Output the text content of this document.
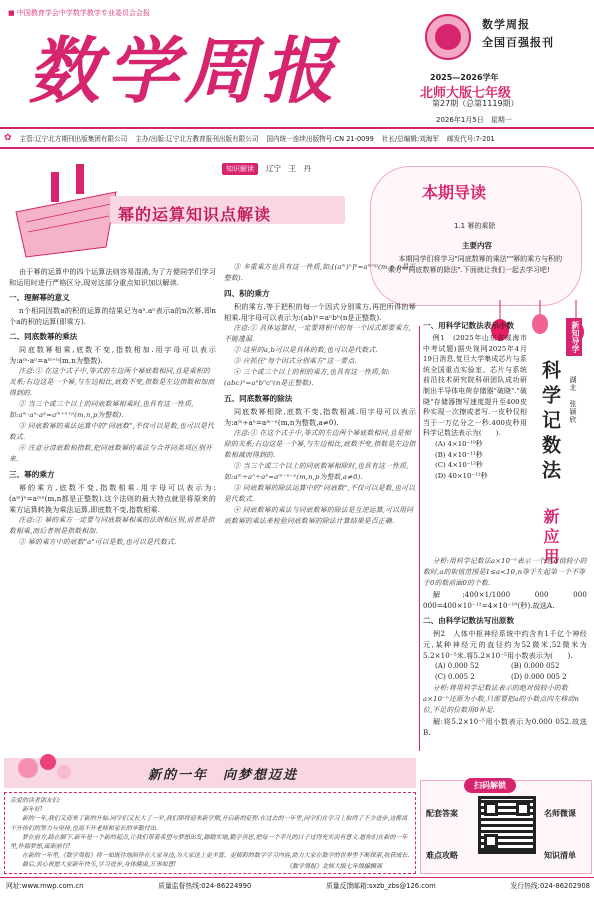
■ 中国教育学会中学数学教学专业委员会会报
数学周报
数学周报
全国百强报刊
2025—2026学年
北师大版七年级
第27期（总第1119期）
2026年1月5日　星期一
✿ 主管:辽宁北方期刊出版集团有限公司 主办/出版:辽宁北方教育报刊出版有限公司 国内统一连续出版物号:CN 21-0099 社长/总编辑:刘海军 邮发代号:7-201
知识解读	辽宁　王　丹
幂的运算知识点解读
本期导读
1.1 幂的乘除
主要内容
本期同学们将学习"同底数幂的乘法""幂的乘方与积的乘方""同底数幂的除法".下面就让我们一起去学习吧!

由于幂的运算中的四个运算法则容易混淆,为了方便同学们学习和运用时进行严格区分,现对这部分重点知识加以解读.

一、理解幂的意义

n个相同因数a的积的运算的结果记为aⁿ.aⁿ表示a的n次幂,即n个a的积的运算(即乘方).

二、同底数幂的乘法

同底数幂相乘,底数不变,指数相加.用字母可以表示为:aᵐ·aⁿ=aᵐ⁺ⁿ(m,n为整数).

注意:① 在这个式子中,等式的左边两个幂底数相同,且是乘积的关系;右边这是一个幂,与左边相比,底数不变,指数是左边指数和加而得到的.

② 当三个或三个以上的同底数幂相乘时,也具有这一性质,如:aᵐ·aⁿ·aᵖ=aᵐ⁺ⁿ⁺ᵖ(m,n,p为整数).

③ 同底数幂的乘法运算中的"同底数",不仅可以是数,也可以是代数式.

④ 注意分清底数和指数,把同底数幂的乘法与合并同类项区别开来.

三、幂的乘方

幂的乘方,底数不变,指数相乘.用字母可以表示为:(aᵐ)ⁿ=aᵐⁿ(m,n都是正整数).这个法则的最大特点就是将原来的乘方运算转换为乘法运算,即底数不变,指数相乘.

注意:① 幂的乘方一定要与同底数幂相乘的法则相区别,前者是指数相乘,而后者则是指数相加.

② 幂的乘方中的底数"a"可以是数,也可以是代数式.

③ 多重乘方也具有这一性质,如:[(aᵐ)ⁿ]ᵖ=aᵐⁿᵖ(m,n,p是正整数).

四、积的乘方

积的乘方,等于把积的每一个因式分别乘方,再把所得的幂相乘.用字母可以表示为:(ab)ⁿ=aⁿbⁿ(n是正整数).

注意:① 具体运算时,一定要将积中的每一个因式都要乘方,不能遗漏.

② 这里的a,b可以是具体的数,也可以是代数式.

③ 应抓住"每个因式分别乘方"这一要点.

④ 三个或三个以上的积的乘方,也具有这一性质,如:(abc)ⁿ=aⁿbⁿcⁿ(n是正整数).

五、同底数幂的除法

同底数幂相除,底数不变,指数相减.用字母可以表示为:aᵐ÷aⁿ=aᵐ⁻ⁿ(m,n为整数,a≠0).

注意:① 在这个式子中,等式的左边两个幂底数相同,且是相除的关系;右边这是一个幂,与左边相比,底数不变,指数是左边指数相减而得到的.

② 当三个或三个以上的同底数幂相除时,也具有这一性质,如:aᵐ÷aⁿ÷aᵖ=aᵐ⁻ⁿ⁻ᵖ(m,n,p为整数,a≠0).

③ 同底数幂的除法运算中的"同底数",不仅可以是数,也可以是代数式.

④ 同底数幂的乘法与同底数幂的除法是互逆运算,可以用同底数幂的乘法来检验同底数幂的除法计算结果是否正确.

新知导学
湖北　张颖欣
科学记数法
新应用
一、用科学记数法表示小数

例1　(2025年山东省威海市中考试题)据央视网2025年4月19日消息,复旦大学集成芯片与系统全国重点实验室、芯片与系统前沿技术研究院科研团队成功研制出半导体电荷存储器"破晓"."破晓"存储器擦写速度提升至400皮秒实现一次擦或者写.一皮秒仅相当于一万亿分之一秒.400皮秒用科学记数法表示为(　　).

(A) 4×10⁻¹⁰秒
(B) 4×10⁻¹¹秒
(C) 4×10⁻¹²秒
(D) 40×10⁻¹¹秒

分析:用科学记数法a×10⁻ⁿ表示一个绝对值较小的数时,a的取值范围是1≤a<10,n等于左起第一个不等于0的数前面0的个数.

解:400×1/1000 000 000 000=400×10⁻¹²=4×10⁻¹⁰(秒).故选A.

二、由科学记数法写出原数

例2　人体中枢神经系统中约含有1千亿个神经元,某种神经元的直径约为52微米,52微米为5.2×10⁻⁵米.将5.2×10⁻⁵用小数表示为(　　).

(A) 0.000 52	(B) 0.000 052
(C) 0.005 2	(D) 0.000 005 2

分析:将用科学记数法表示的绝对值较小的数a×10⁻ⁿ还原为小数,只需要把a的小数点向左移动n位,不足的位数用0补足.

解:将5.2×10⁻⁵用小数表示为0.000 052.故选B.

新的一年　向梦想迈进
亲爱的读者朋友们:
新年好!
新的一年,我们又迎来了新的开始.同学们又长大了一岁,我们即将迎来新学期,开启新的征程.在过去的一年里,同学们在学习上取得了不少进步,这都离不开你们的努力与坚持,也离不开老师和家长的辛勤付出.
梦在前方,路在脚下.新年是一个新的起点,让我们带着希望与梦想出发,脚踏实地,勤学善思,把每一个平凡的日子过得充实而有意义.愿你们在新的一年里,怀揣梦想,砥砺前行!
在新的一年里,《数学周报》将一如既往地陪伴在大家身边,为大家送上更丰富、更精彩的数学学习内容,助力大家在数学的世界里不断探索,收获成长.
最后,衷心祝愿大家新年快乐,学习进步,身体健康,万事如意!	《数学周报》北师大版七年级编辑部
扫码解锁
配套答案	名师微课
难点攻略	知识清单
网址:www.mwp.com.cn	质量监督热线:024-86224990	质量反馈邮箱:sxzb_zbs@126.com	发行热线:024-86202908
